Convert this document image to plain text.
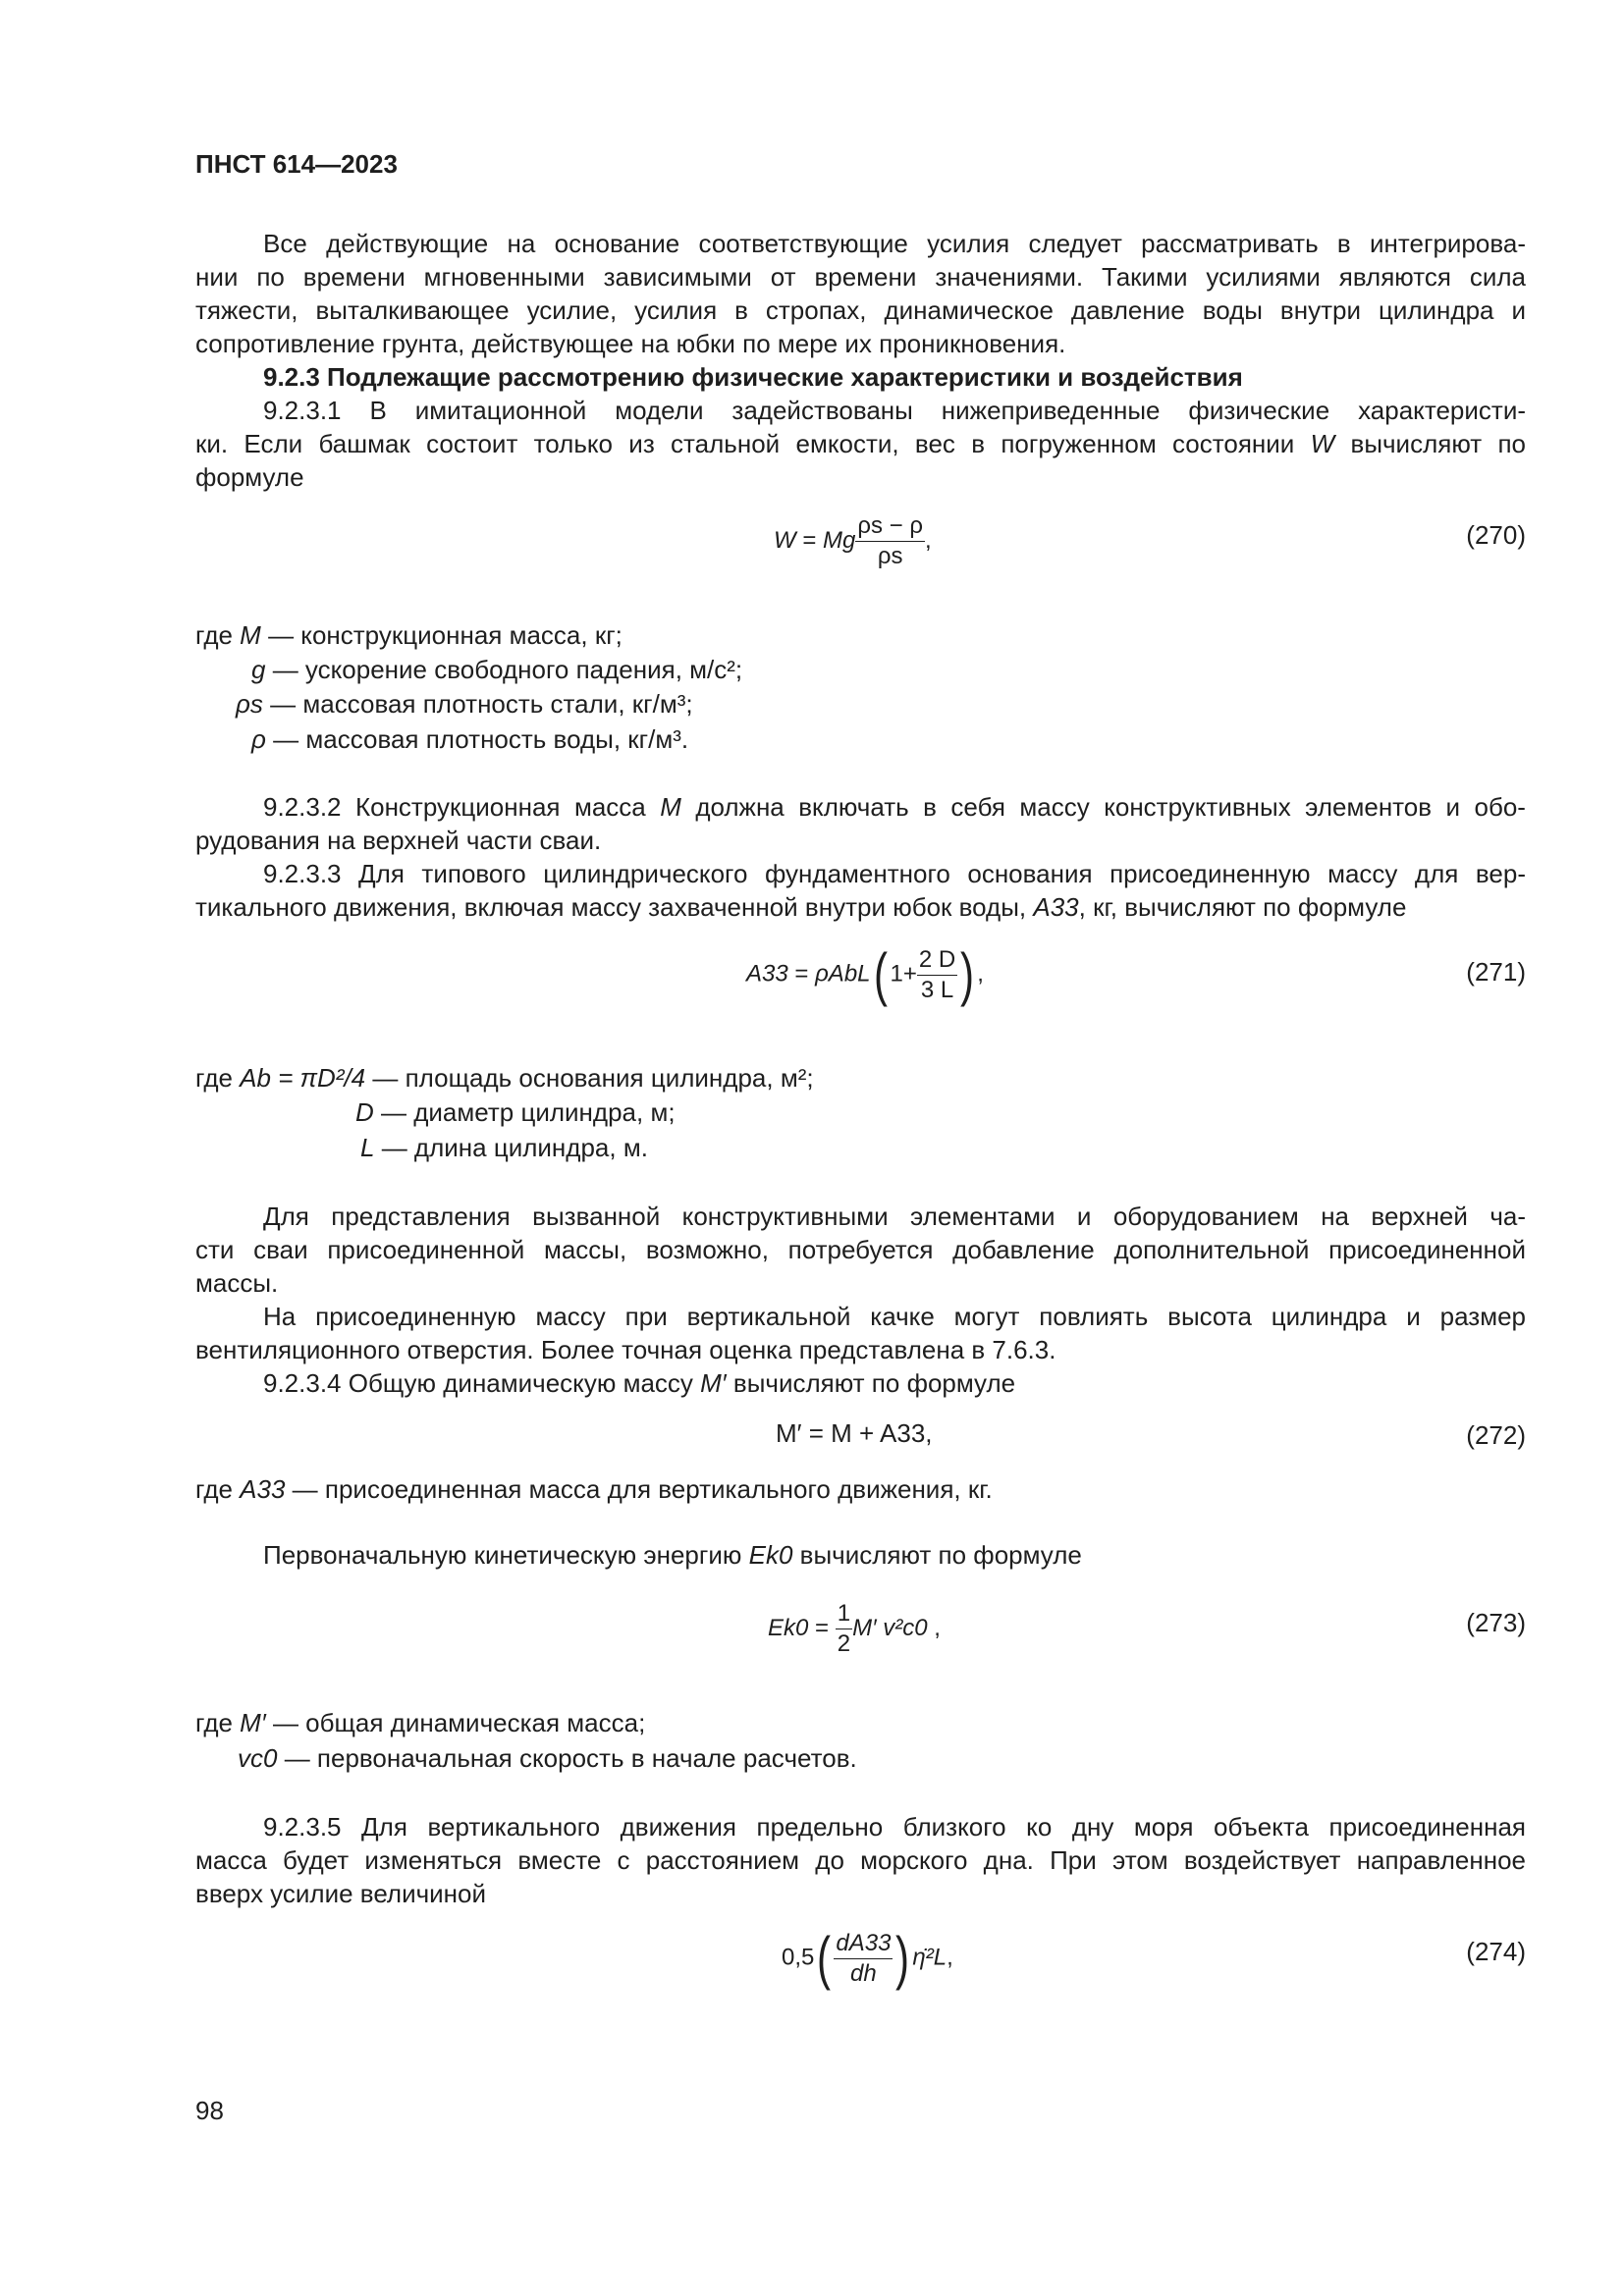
ПНСТ 614—2023
Все действующие на основание соответствующие усилия следует рассматривать в интегрирова-
нии по времени мгновенными зависимыми от времени значениями. Такими усилиями являются сила
тяжести, выталкивающее усилие, усилия в стропах, динамическое давление воды внутри цилиндра и
сопротивление грунта, действующее на юбки по мере их проникновения.
9.2.3 Подлежащие рассмотрению физические характеристики и воздействия
9.2.3.1 В имитационной модели задействованы нижеприведенные физические характеристи-
ки. Если башмак состоит только из стальной емкости, вес в погруженном состоянии W вычисляют по
формуле
W = Mg $\frac{\rho s - \rho}{\rho s}$ ,	(270)
где M — конструкционная масса, кг;
g — ускорение свободного падения, м/с²;
ρs — массовая плотность стали, кг/м³;
ρ — массовая плотность воды, кг/м³.
9.2.3.2 Конструкционная масса M должна включать в себя массу конструктивных элементов и обо-
рудования на верхней части сваи.
9.2.3.3 Для типового цилиндрического фундаментного основания присоединенную массу для вер-
тикального движения, включая массу захваченной внутри юбок воды, A33, кг, вычисляют по формуле
A33 = ρAbL( $1+ \frac{2 D}{3 L}$ ) ,	(271)
где Ab = πD²/4 — площадь основания цилиндра, м²;
D — диаметр цилиндра, м;
L — длина цилиндра, м.
Для представления вызванной конструктивными элементами и оборудованием на верхней ча-
сти сваи присоединенной массы, возможно, потребуется добавление дополнительной присоединенной
массы.
На присоединенную массу при вертикальной качке могут повлиять высота цилиндра и размер
вентиляционного отверстия. Более точная оценка представлена в 7.6.3.
9.2.3.4 Общую динамическую массу M′ вычисляют по формуле
M′ = M + A33,	(272)
где A33 — присоединенная масса для вертикального движения, кг.
Первоначальную кинетическую энергию Ek0 вычисляют по формуле
$Ek0 = \frac{1}{2} M'$ v²c0 ,	(273)
где M′ — общая динамическая масса;
vc0 — первоначальная скорость в начале расчетов.
9.2.3.5 Для вертикального движения предельно близкого ко дну моря объекта присоединенная
масса будет изменяться вместе с расстоянием до морского дна. При этом воздействует направленное
вверх усилие величиной
$0,5( \frac{dA33}{dh}$ ) η̇²L,	(274)
98
